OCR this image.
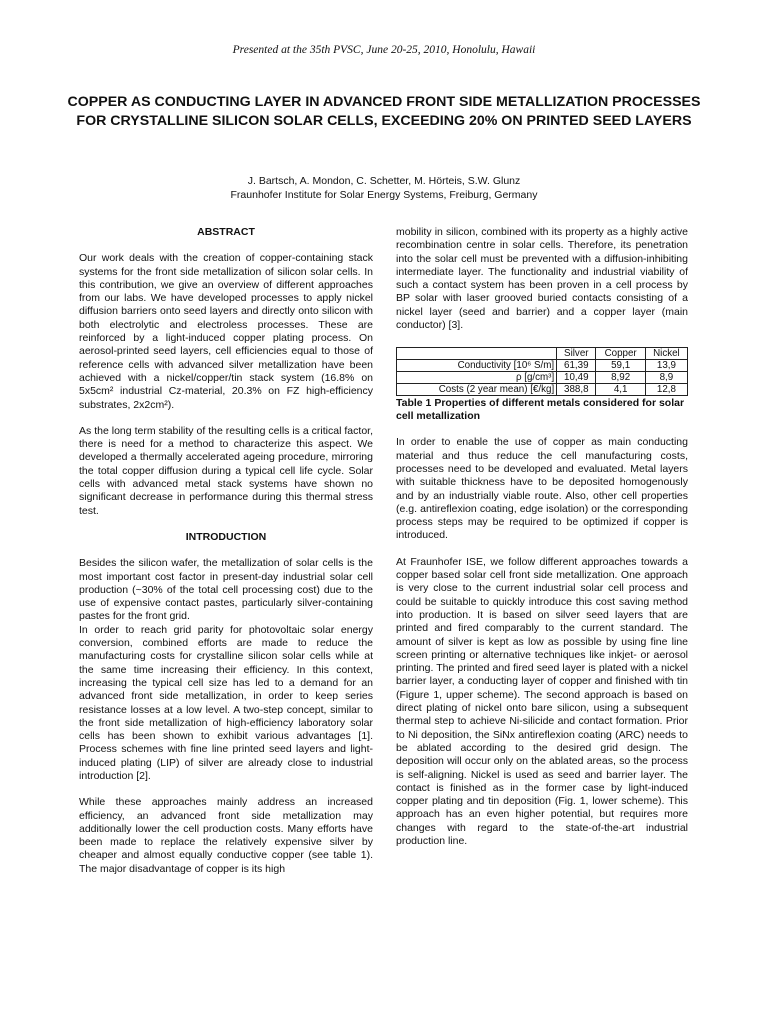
Presented at the 35th PVSC, June 20-25, 2010, Honolulu, Hawaii
COPPER AS CONDUCTING LAYER IN ADVANCED FRONT SIDE METALLIZATION PROCESSES FOR CRYSTALLINE SILICON SOLAR CELLS, EXCEEDING 20% ON PRINTED SEED LAYERS
J. Bartsch, A. Mondon, C. Schetter, M. Hörteis, S.W. Glunz
Fraunhofer Institute for Solar Energy Systems, Freiburg, Germany
ABSTRACT

Our work deals with the creation of copper-containing stack systems for the front side metallization of silicon solar cells. In this contribution, we give an overview of different approaches from our labs. We have developed processes to apply nickel diffusion barriers onto seed layers and directly onto silicon with both electrolytic and electroless processes. These are reinforced by a light-induced copper plating process. On aerosol-printed seed layers, cell efficiencies equal to those of reference cells with advanced silver metallization have been achieved with a nickel/copper/tin stack system (16.8% on 5x5cm² industrial Cz-material, 20.3% on FZ high-efficiency substrates, 2x2cm²).

As the long term stability of the resulting cells is a critical factor, there is need for a method to characterize this aspect. We developed a thermally accelerated ageing procedure, mirroring the total copper diffusion during a typical cell life cycle. Solar cells with advanced metal stack systems have shown no significant decrease in performance during this thermal stress test.

INTRODUCTION

Besides the silicon wafer, the metallization of solar cells is the most important cost factor in present-day industrial solar cell production (~30% of the total cell processing cost) due to the use of expensive contact pastes, particularly silver-containing pastes for the front grid.

In order to reach grid parity for photovoltaic solar energy conversion, combined efforts are made to reduce the manufacturing costs for crystalline silicon solar cells while at the same time increasing their efficiency. In this context, increasing the typical cell size has led to a demand for an advanced front side metallization, in order to keep series resistance losses at a low level. A two-step concept, similar to the front side metallization of high-efficiency laboratory solar cells has been shown to exhibit various advantages [1]. Process schemes with fine line printed seed layers and light-induced plating (LIP) of silver are already close to industrial introduction [2].

While these approaches mainly address an increased efficiency, an advanced front side metallization may additionally lower the cell production costs. Many efforts have been made to replace the relatively expensive silver by cheaper and almost equally conductive copper (see table 1). The major disadvantage of copper is its high

mobility in silicon, combined with its property as a highly active recombination centre in solar cells. Therefore, its penetration into the solar cell must be prevented with a diffusion-inhibiting intermediate layer. The functionality and industrial viability of such a contact system has been proven in a cell process by BP solar with laser grooved buried contacts consisting of a nickel layer (seed and barrier) and a copper layer (main conductor) [3].

	Silver	Copper	Nickel
Conductivity [10⁶ S/m]	61,39	59,1	13,9
ρ [g/cm³]	10,49	8,92	8,9
Costs (2 year mean) [€/kg]	388,8	4,1	12,8
Table 1 Properties of different metals considered for solar cell metallization

In order to enable the use of copper as main conducting material and thus reduce the cell manufacturing costs, processes need to be developed and evaluated. Metal layers with suitable thickness have to be deposited homogenously and by an industrially viable route. Also, other cell properties (e.g. antireflexion coating, edge isolation) or the corresponding process steps may be required to be optimized if copper is introduced.

At Fraunhofer ISE, we follow different approaches towards a copper based solar cell front side metallization. One approach is very close to the current industrial solar cell process and could be suitable to quickly introduce this cost saving method into production. It is based on silver seed layers that are printed and fired comparably to the current standard. The amount of silver is kept as low as possible by using fine line screen printing or alternative techniques like inkjet- or aerosol printing. The printed and fired seed layer is plated with a nickel barrier layer, a conducting layer of copper and finished with tin (Figure 1, upper scheme). The second approach is based on direct plating of nickel onto bare silicon, using a subsequent thermal step to achieve Ni-silicide and contact formation. Prior to Ni deposition, the SiNx antireflexion coating (ARC) needs to be ablated according to the desired grid design. The deposition will occur only on the ablated areas, so the process is self-aligning. Nickel is used as seed and barrier layer. The contact is finished as in the former case by light-induced copper plating and tin deposition (Fig. 1, lower scheme). This approach has an even higher potential, but requires more changes with regard to the state-of-the-art industrial production line.
